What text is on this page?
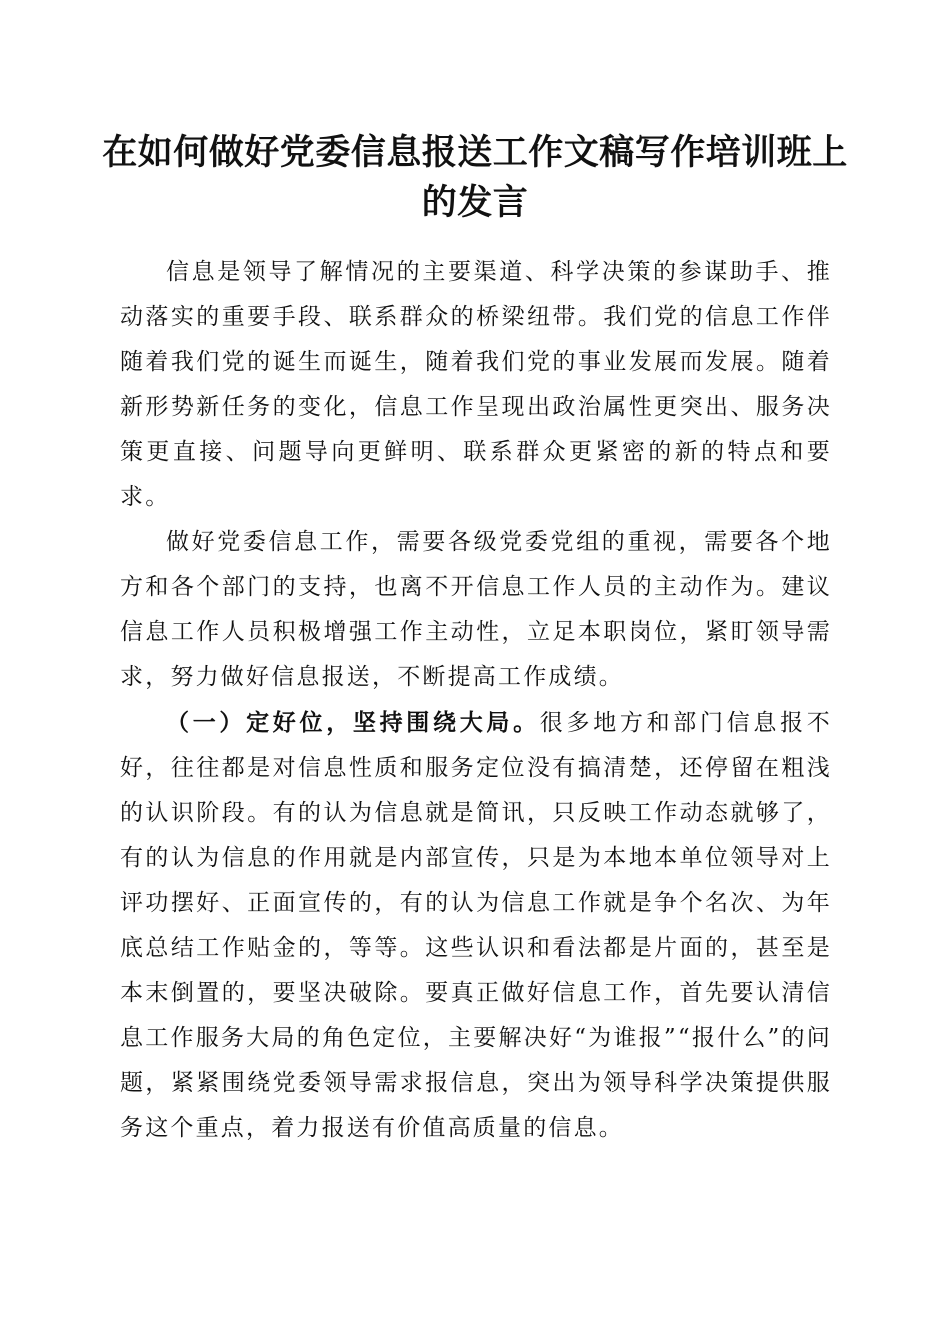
在如何做好党委信息报送工作文稿写作培训班上的发言

信息是领导了解情况的主要渠道、科学决策的参谋助手、推动落实的重要手段、联系群众的桥梁纽带。我们党的信息工作伴随着我们党的诞生而诞生，随着我们党的事业发展而发展。随着新形势新任务的变化，信息工作呈现出政治属性更突出、服务决策更直接、问题导向更鲜明、联系群众更紧密的新的特点和要求。

做好党委信息工作，需要各级党委党组的重视，需要各个地方和各个部门的支持，也离不开信息工作人员的主动作为。建议信息工作人员积极增强工作主动性，立足本职岗位，紧盯领导需求，努力做好信息报送，不断提高工作成绩。

（一）定好位，坚持围绕大局。很多地方和部门信息报不好，往往都是对信息性质和服务定位没有搞清楚，还停留在粗浅的认识阶段。有的认为信息就是简讯，只反映工作动态就够了，有的认为信息的作用就是内部宣传，只是为本地本单位领导对上评功摆好、正面宣传的，有的认为信息工作就是争个名次、为年底总结工作贴金的，等等。这些认识和看法都是片面的，甚至是本末倒置的，要坚决破除。要真正做好信息工作，首先要认清信息工作服务大局的角色定位，主要解决好“为谁报”“报什么”的问题，紧紧围绕党委领导需求报信息，突出为领导科学决策提供服务这个重点，着力报送有价值高质量的信息。
